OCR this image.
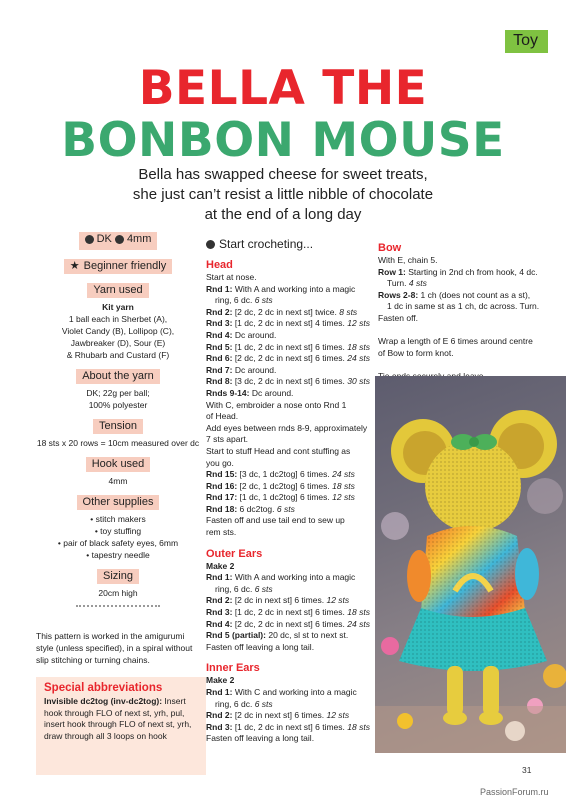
Toy
BELLA THE
BONBON MOUSE
Bella has swapped cheese for sweet treats,
she just can’t resist a little nibble of chocolate
at the end of a long day
DK
4mm
★ Beginner friendly
Yarn used
Kit yarn
1 ball each in Sherbet (A),
Violet Candy (B), Lollipop (C),
Jawbreaker (D), Sour (E)
& Rhubarb and Custard (F)
About the yarn
DK; 22g per ball;
100% polyester
Tension
18 sts x 20 rows = 10cm measured over dc
Hook used
4mm
Other supplies
• stitch makers
• toy stuffing
• pair of black safety eyes, 6mm
• tapestry needle
Sizing
20cm high
This pattern is worked in the amigurumi
style (unless specified), in a spiral without
slip stitching or turning chains.
Special abbreviations

Invisible dc2tog (inv-dc2tog): Insert hook through FLO of next st, yrh, pul, insert hook through FLO of next st, yrh, draw through all 3 loops on hook

Start crocheting...
Head
Start at nose.
Rnd 1: With A and working into a magic
ring, 6 dc. 6 sts
Rnd 2: [2 dc, 2 dc in next st] twice. 8 sts
Rnd 3: [1 dc, 2 dc in next st] 4 times. 12 sts
Rnd 4: Dc around.
Rnd 5: [1 dc, 2 dc in next st] 6 times. 18 sts
Rnd 6: [2 dc, 2 dc in next st] 6 times. 24 sts
Rnd 7: Dc around.
Rnd 8: [3 dc, 2 dc in next st] 6 times. 30 sts
Rnds 9-14: Dc around.
With C, embroider a nose onto Rnd 1
of Head.
Add eyes between rnds 8-9, approximately
7 sts apart.
Start to stuff Head and cont stuffing as
you go.
Rnd 15: [3 dc, 1 dc2tog] 6 times. 24 sts
Rnd 16: [2 dc, 1 dc2tog] 6 times. 18 sts
Rnd 17: [1 dc, 1 dc2tog] 6 times. 12 sts
Rnd 18: 6 dc2tog. 6 sts
Fasten off and use tail end to sew up
rem sts.
Outer Ears
Make 2
Rnd 1: With A and working into a magic
ring, 6 dc. 6 sts
Rnd 2: [2 dc in next st] 6 times. 12 sts
Rnd 3: [1 dc, 2 dc in next st] 6 times. 18 sts
Rnd 4: [2 dc, 2 dc in next st] 6 times. 24 sts
Rnd 5 (partial): 20 dc, sl st to next st.
Fasten off leaving a long tail.
Inner Ears
Make 2
Rnd 1: With C and working into a magic
ring, 6 dc. 6 sts
Rnd 2: [2 dc in next st] 6 times. 12 sts
Rnd 3: [1 dc, 2 dc in next st] 6 times. 18 sts
Fasten off leaving a long tail.
Bow
With E, chain 5.
Row 1: Starting in 2nd ch from hook, 4 dc.
Turn. 4 sts
Rows 2-8: 1 ch (does not count as a st),
1 dc in same st as 1 ch, dc across. Turn.
Fasten off.
Wrap a length of E 6 times around centre
of Bow to form knot.
31
PassionForum.ru
